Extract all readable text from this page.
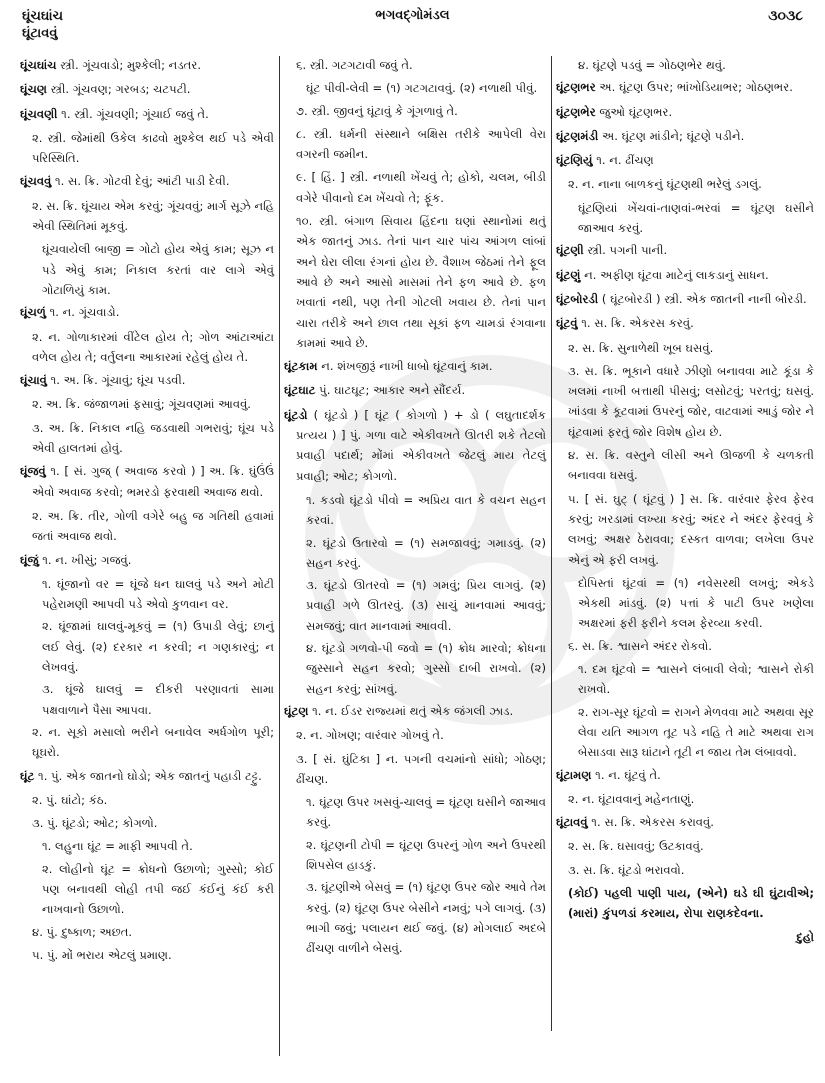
ઘૂંચઘાંચ
ઘૂંટાવવું
ભગવદ્ગોમંડલ	૩૦૩૮
ઘૂંચઘાંચ સ્ત્રી. ગૂંચવાડો; મુશ્કેલી; નડતર.
ઘૂંચણ સ્ત્રી. ગૂંચવણ; ગરબડ; ચટપટી.
ઘૂંચવણી ૧. સ્ત્રી. ગૂંચવણી; ગૂંચાઈ જવું તે.
૨. સ્ત્રી. જેમાંથી ઉકેલ કાઢવો મુશ્કેલ થઈ પડે એવી પરિસ્થિતિ.
ઘૂંચવવું ૧. સ. ક્રિ. ગોટવી દેવું; આંટી પાડી દેવી.
૨. સ. ક્રિ. ઘૂંચાય એમ કરવું; ગૂંચવવું; માર્ગ સૂઝે નહિ એવી સ્થિતિમાં મૂકવું.
ઘૂંચવાયેલી બાજી = ગોટો હોય એવું કામ; સૂઝ ન પડે એવું કામ; નિકાલ કરતાં વાર લાગે એવું ગોટાળિયું કામ.
ઘૂંચળું ૧. ન. ગૂંચવાડો.
૨. ન. ગોળાકારમાં વીંટેલ હોય તે; ગોળ આંટાઆંટા વળેલ હોય તે; વર્તુલના આકારમાં રહેલું હોય તે.
ઘૂંચાવું ૧. અ. ક્રિ. ગૂંચાવું; ઘૂંચ પડવી.
૨. અ. ક્રિ. જંજાળમાં ફસાવું; ગૂંચવણમાં આવવું.
૩. અ. ક્રિ. નિકાલ નહિ જડવાથી ગભરાવું; ઘૂંચ પડે એવી હાલતમાં હોવું.
ઘૂંજવું ૧. [ સં. ગુજ્ ( અવાજ કરવો ) ] અ. ક્રિ. ઘુંઉંઉં એવો અવાજ કરવો; ભમરડો ફરવાથી અવાજ થવો.
૨. અ. ક્રિ. તીર, ગોળી વગેરે બહુ જ ગતિથી હવામાં જતાં અવાજ થવો.
ઘૂંજું ૧. ન. ખીસું; ગજવું.
૧. ઘૂંજાનો વર = ઘૂંજે ધન ઘાલવું પડે અને મોટી પહેરામણી આપવી પડે એવો કુળવાન વર.
૨. ઘૂંજામાં ઘાલવું-મૂકવું = (૧) ઉપાડી લેવું; છાનું લઈ લેવું. (૨) દરકાર ન કરવી; ન ગણકારવું; ન લેખવવું.
૩. ઘૂંજે ઘાલવું = દીકરી પરણાવતાં સામા પક્ષવાળાને પૈસા આપવા.
૨. ન. સૂકો મસાલો ભરીને બનાવેલ અર્ધગોળ પૂરી; ઘૂઘરો.
ઘૂંટ ૧. પું. એક જાતનો ઘોડો; એક જાતનું પહાડી ટટ્ટુ.
૨. પું. ઘાંટો; કંઠ.
૩. પું. ઘૂંટડો; ઓટ; કોગળો.
૧. લહુના ઘૂંટ = માફી આપવી તે.
૨. લોહીનો ઘૂંટ = ક્રોધનો ઉછાળો; ગુસ્સો; કોઈ પણ બનાવથી લોહી તપી જઈ કંઈનું કંઈ કરી નાખવાનો ઉછાળો.
૪. પું. દુષ્કાળ; અછત.
૫. પું. મોં ભરાય એટલું પ્રમાણ.
૬. સ્ત્રી. ગટગટાવી જવું તે.
ઘૂંટ પીવી-લેવી = (૧) ગટગટાવવું. (૨) નળાથી પીવું.
૭. સ્ત્રી. જીવનું ઘૂંટાવું કે ગૂંગળાવું તે.
૮. સ્ત્રી. ધર્મની સંસ્થાને બક્ષિસ તરીકે આપેલી વેરા વગરની જમીન.
૯. [ હિં. ] સ્ત્રી. નળાથી ખેંચવું તે; હોકો, ચલમ, બીડી વગેરે પીવાનો દમ ખેંચવો તે; ફૂંક.
૧૦. સ્ત્રી. બંગાળ સિવાય હિંદના ઘણાં સ્થાનોમાં થતું એક જાતનું ઝાડ. તેનાં પાન ચાર પાંચ આંગળ લાંબાં અને ઘેરા લીલા રંગનાં હોય છે. વૈશાખ જેઠમાં તેને ફૂલ આવે છે અને આસો માસમાં તેને ફળ આવે છે. ફળ ખવાતાં નથી, પણ તેની ગોટલી ખવાય છે. તેનાં પાન ચારા તરીકે અને છાલ તથા સૂકાં ફળ ચામડાં રંગવાના કામમાં આવે છે.
ઘૂંટકામ ન. શંખજીરૂં નાખી ધાબો ઘૂંટવાનું કામ.
ઘૂંટઘાટ પું. ઘાટઘૂટ; આકાર અને સૌંદર્ય.
ઘૂંટડો ( ઘૂંટડો ) [ ઘૂંટ ( કોગળો ) + ડો ( લઘુતાદર્શક પ્રત્યય ) ] પું. ગળા વાટે એકીવખતે ઊતરી શકે તેટલો પ્રવાહી પદાર્થ; મોંમાં એકીવખતે જેટલું માય તેટલું પ્રવાહી; ઓટ; કોગળો.
૧. કડવો ઘૂંટડો પીવો = અપ્રિય વાત કે વચન સહન કરવાં.
૨. ઘૂંટડો ઉતારવો = (૧) સમજાવવું; ગમાડવું. (૨) સહન કરવું.
૩. ઘૂંટડો ઊતરવો = (૧) ગમવું; પ્રિય લાગવું. (૨) પ્રવાહી ગળે ઊતરવું. (૩) સાચું માનવામાં આવવું; સમજવું; વાત માનવામાં આવવી.
૪. ઘૂંટડો ગળવો-પી જવો = (૧) ક્રોધ મારવો; ક્રોધના જુસ્સાને સહન કરવો; ગુસ્સો દાબી રાખવો. (૨) સહન કરવું; સાંખવું.
ઘૂંટણ ૧. ન. ઈડર રાજ્યમાં થતું એક જંગલી ઝાડ.
૨. ન. ગોખણ; વારંવાર ગોખવું તે.
૩. [ સં. ઘુંટિકા ] ન. પગની વચમાંનો સાંધો; ગોઠણ; ઢીંચણ.
૧. ઘૂંટણ ઉપર ખસવું-ચાલવું = ઘૂંટણ ઘસીને જાઆવ કરવું.
૨. ઘૂંટણની ટોપી = ઘૂંટણ ઉપરનું ગોળ અને ઉપરથી શિપસેલ હાડકું.
૩. ઘૂંટણીએ બેસવું = (૧) ઘૂંટણ ઉપર જોર આવે તેમ કરવું. (૨) ઘૂંટણ ઉપર બેસીને નમવું; પગે લાગવું. (૩) ભાગી જવું; પલાયન થઈ જવું. (૪) મોગલાઈ અદબે ઢીંચણ વાળીને બેસવું.
૪. ઘૂંટણે પડવું = ગોઠણભેર થવું.
ઘૂંટણભર અ. ઘૂંટણ ઉપર; ભાંખોડિયાભર; ગોઠણભર.
ઘૂંટણભેર જુઓ ઘૂંટણભર.
ઘૂંટણમંડી અ. ઘૂંટણ માંડીને; ઘૂંટણે પડીને.
ઘૂંટણિયું ૧. ન. ઢીંચણ
૨. ન. નાના બાળકનું ઘૂંટણથી ભરેલું ડગલું.
ઘૂંટણિયાં ખેંચવાં-તાણવાં-ભરવાં = ઘૂંટણ ઘસીને જાઆવ કરવું.
ઘૂંટણી સ્ત્રી. પગની પાની.
ઘૂંટણું ન. અફીણ ઘૂંટવા માટેનું લાકડાનું સાધન.
ઘૂંટબોરડી ( ઘૂંટબોરડી ) સ્ત્રી. એક જાતની નાની બોરડી.
ઘૂંટવું ૧. સ. ક્રિ. એકરસ કરવું.
૨. સ. ક્રિ. સુનાળેથી ખૂબ ઘસવું.
૩. સ. ક્રિ. ભૂકાને વધારે ઝીણો બનાવવા માટે કૂંડા કે ખલમાં નાખી બત્તાથી પીસવું; લસોટવું; પરતવું; ઘસવું. ખાંડવા કે કૂટવામાં ઉપરનું જોર, વાટવામાં આડું જોર ને ઘૂંટવામાં ફરતું જોર વિશેષ હોય છે.
૪. સ. ક્રિ. વસ્તુને લીસી અને ઊજળી કે ચળકતી બનાવવા ઘસવું.
૫. [ સં. ઘુટ્ ( ઘૂંટવું ) ] સ. ક્રિ. વારંવાર ફેરવ ફેરવ કરવું; ખરડામાં લખ્યા કરવું; અંદર ને અંદર ફેરવવું કે લખવું; અક્ષર ઠેરાવવા; દસ્કત વાળવા; લખેલા ઉપર એનું એ ફરી લખવું.
દોપિસ્તાં ઘૂંટવાં = (૧) નવેસરથી લખવું; એકડે એકથી માંડવું. (૨) પત્તાં કે પાટી ઉપર ખણેલા અક્ષરમાં ફરી ફરીને કલમ ફેરવ્યા કરવી.
૬. સ. ક્રિ. શ્વાસને અંદર રોકવો.
૧. દમ ઘૂંટવો = શ્વાસને લંબાવી લેવો; શ્વાસને રોકી રાખવો.
૨. રાગ-સૂર ઘૂંટવો = રાગને મેળવવા માટે અથવા સૂર લેવા યતિ આગળ તૂટ પડે નહિ તે માટે અથવા રાગ બેસાડવા સારૂ ઘાંટાને તૂટી ન જાય તેમ લંબાવવો.
ઘૂંટામણ ૧. ન. ઘૂંટવું તે.
૨. ન. ઘૂંટાવવાનું મહેનતાણું.
ઘૂંટાવવું ૧. સ. ક્રિ. એકરસ કરાવવું.
૨. સ. ક્રિ. ઘસાવવું; ઉટકાવવું.
૩. સ. ક્રિ. ઘૂંટડો ભરાવવો.
(કોઈ) પહલી પાણી પાય, (એને) ઘડે ઘી ઘુંટાવીએ; (મારાં) કુંપળડાં કરમાય, રોપા રાણકદેવના.
દુહો
